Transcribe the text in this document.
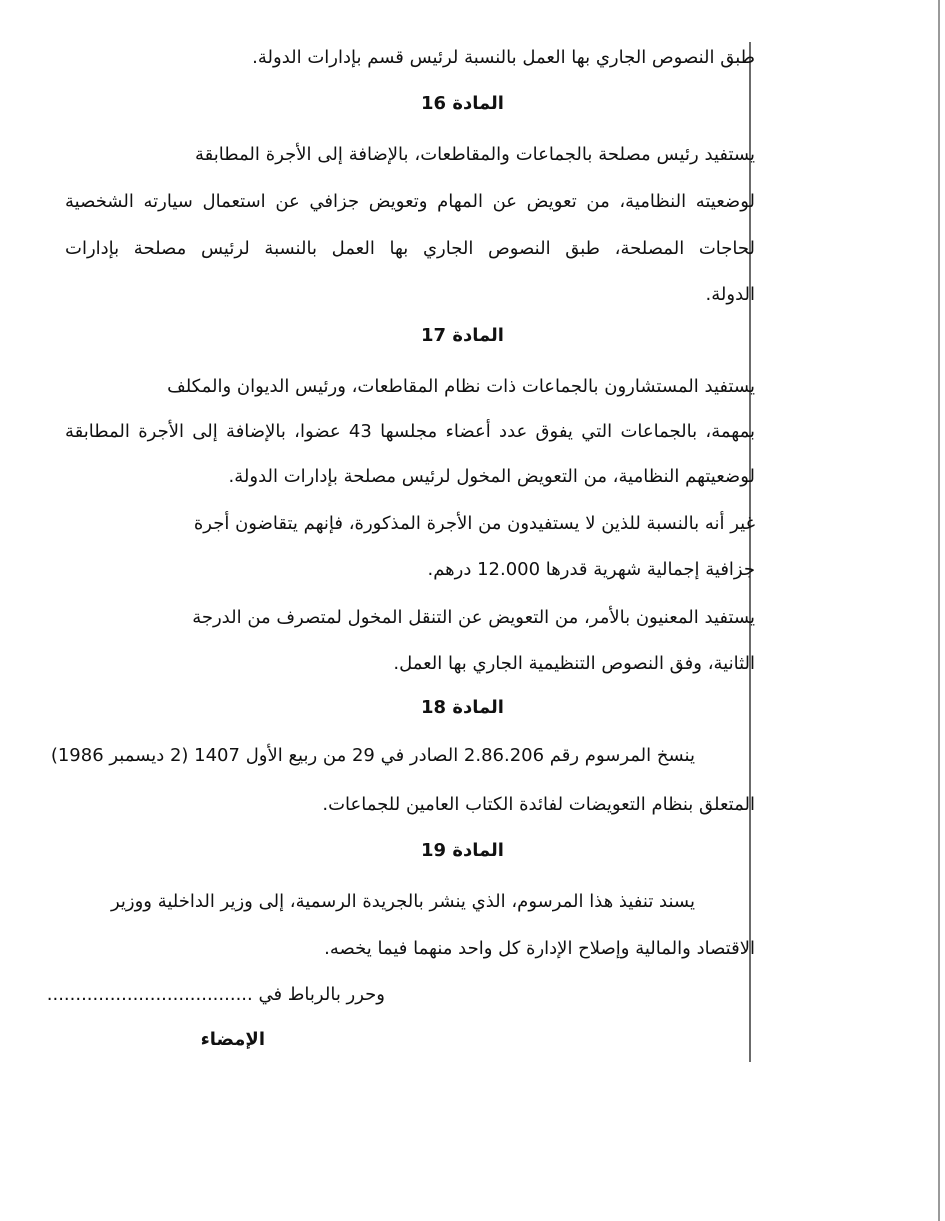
طبق النصوص الجاري بها العمل بالنسبة لرئيس قسم بإدارات الدولة.
المادة 16
يستفيد رئيس مصلحة بالجماعات والمقاطعات، بالإضافة إلى الأجرة المطابقة
لوضعيته النظامية، من تعويض عن المهام وتعويض جزافي عن استعمال سيارته الشخصية
لحاجات المصلحة، طبق النصوص الجاري بها العمل بالنسبة لرئيس مصلحة بإدارات
الدولة.
المادة 17
يستفيد المستشارون بالجماعات ذات نظام المقاطعات، ورئيس الديوان والمكلف
بمهمة، بالجماعات التي يفوق عدد أعضاء مجلسها 43 عضوا، بالإضافة إلى الأجرة المطابقة
لوضعيتهم النظامية، من التعويض المخول لرئيس مصلحة بإدارات الدولة.
غير أنه بالنسبة للذين لا يستفيدون من الأجرة المذكورة، فإنهم يتقاضون أجرة
جزافية إجمالية شهرية قدرها 12.000 درهم.
يستفيد المعنيون بالأمر، من التعويض عن التنقل المخول لمتصرف من الدرجة
الثانية، وفق النصوص التنظيمية الجاري بها العمل.
المادة 18
ينسخ المرسوم رقم 2.86.206 الصادر في 29 من ربيع الأول 1407 (2 ديسمبر 1986)
المتعلق بنظام التعويضات لفائدة الكتاب العامين للجماعات.
المادة 19
يسند تنفيذ هذا المرسوم، الذي ينشر بالجريدة الرسمية، إلى وزير الداخلية ووزير
الاقتصاد والمالية وإصلاح الإدارة كل واحد منهما فيما يخصه.
وحرر بالرباط في ....................................
الإمضاء
